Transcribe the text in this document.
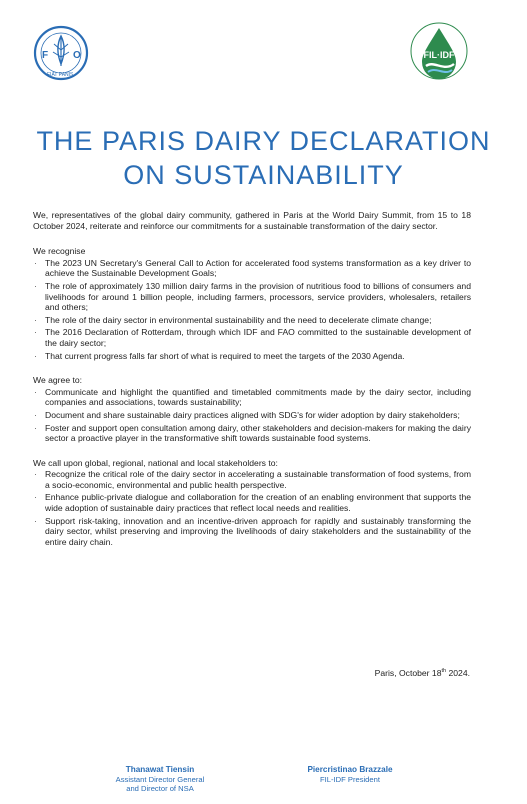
F O
FIAT PANIS
FIL·IDF
THE PARIS DAIRY DECLARATION
ON SUSTAINABILITY

We, representatives of the global dairy community, gathered in Paris at the World Dairy Summit, from 15 to 18 October 2024, reiterate and reinforce our commitments for a sustainable transformation of the dairy sector.

We recognise

· The 2023 UN Secretary's General Call to Action for accelerated food systems transformation as a key driver to achieve the Sustainable Development Goals;
· The role of approximately 130 million dairy farms in the provision of nutritious food to billions of consumers and livelihoods for around 1 billion people, including farmers, processors, service providers, wholesalers, retailers and others;
· The role of the dairy sector in environmental sustainability and the need to decelerate climate change;
· The 2016 Declaration of Rotterdam, through which IDF and FAO committed to the sustainable development of the dairy sector;
· That current progress falls far short of what is required to meet the targets of the 2030 Agenda.

We agree to:

· Communicate and highlight the quantified and timetabled commitments made by the dairy sector, including companies and associations, towards sustainability;
· Document and share sustainable dairy practices aligned with SDG's for wider adoption by dairy stakeholders;
· Foster and support open consultation among dairy, other stakeholders and decision-makers for making the dairy sector a proactive player in the transformative shift towards sustainable food systems.

We call upon global, regional, national and local stakeholders to:

· Recognize the critical role of the dairy sector in accelerating a sustainable transformation of food systems, from a socio-economic, environmental and public health perspective.
· Enhance public-private dialogue and collaboration for the creation of an enabling environment that supports the wide adoption of sustainable dairy practices that reflect local needs and realities.
· Support risk-taking, innovation and an incentive-driven approach for rapidly and sustainably transforming the dairy sector, whilst preserving and improving the livelihoods of dairy stakeholders and the sustainability of the entire dairy chain.
Paris, October 18th 2024.
Thanawat Tiensin
Assistant Director General
and Director of NSA
Piercristinao Brazzale
FIL-IDF President
